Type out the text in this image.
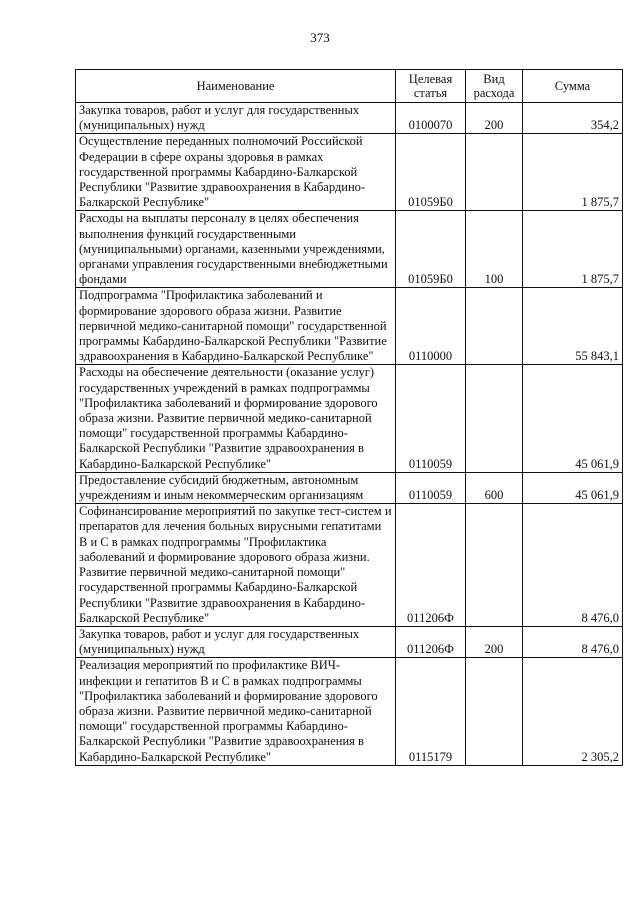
373
Наименование	Целевая статья	Вид расхода	Сумма
Закупка товаров, работ и услуг для государственных (муниципальных) нужд	0100070	200	354,2
Осуществление переданных полномочий Российской Федерации в сфере охраны здоровья в рамках государственной программы Кабардино-Балкарской Республики "Развитие здравоохранения в Кабардино-Балкарской Республике"	01059Б0		1 875,7
Расходы на выплаты персоналу в целях обеспечения выполнения функций государственными (муниципальными) органами, казенными учреждениями, органами управления государственными внебюджетными фондами	01059Б0	100	1 875,7
Подпрограмма "Профилактика заболеваний и формирование здорового образа жизни. Развитие первичной медико-санитарной помощи" государственной программы Кабардино-Балкарской Республики "Развитие здравоохранения в Кабардино-Балкарской Республике"	0110000		55 843,1
Расходы на обеспечение деятельности (оказание услуг) государственных учреждений в рамках подпрограммы "Профилактика заболеваний и формирование здорового образа жизни. Развитие первичной медико-санитарной помощи" государственной программы Кабардино-Балкарской Республики "Развитие здравоохранения в Кабардино-Балкарской Республике"	0110059		45 061,9
Предоставление субсидий бюджетным, автономным учреждениям и иным некоммерческим организациям	0110059	600	45 061,9
Софинансирование мероприятий по закупке тест-систем и препаратов для лечения больных вирусными гепатитами B и C в рамках подпрограммы "Профилактика заболеваний и формирование здорового образа жизни. Развитие первичной медико-санитарной помощи" государственной программы Кабардино-Балкарской Республики "Развитие здравоохранения в Кабардино-Балкарской Республике"	011206Ф		8 476,0
Закупка товаров, работ и услуг для государственных (муниципальных) нужд	011206Ф	200	8 476,0
Реализация мероприятий по профилактике ВИЧ-инфекции и гепатитов B и C в рамках подпрограммы "Профилактика заболеваний и формирование здорового образа жизни. Развитие первичной медико-санитарной помощи" государственной программы Кабардино-Балкарской Республики "Развитие здравоохранения в Кабардино-Балкарской Республике"	0115179		2 305,2
